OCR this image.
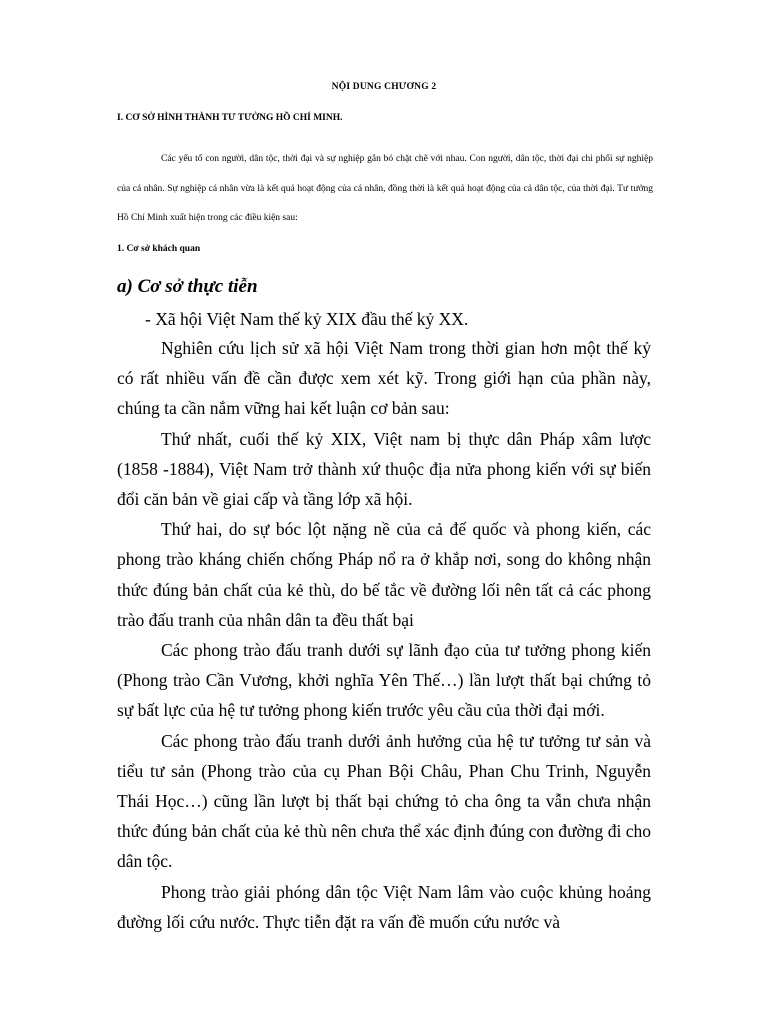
NỘI DUNG CHƯƠNG 2
I. CƠ SỞ HÌNH THÀNH TƯ TƯỞNG HỒ CHÍ MINH.

Các yếu tố con người, dân tộc, thời đại và sự nghiệp gắn bó chặt chẽ với nhau. Con người, dân tộc, thời đại chi phối sự nghiệp của cá nhân. Sự nghiệp cá nhân vừa là kết quả hoạt động của cá nhân, đồng thời là kết quả hoạt động của cả dân tộc, của thời đại. Tư tưởng Hồ Chí Minh xuất hiện trong các điều kiện sau:

1. Cơ sở khách quan
a) Cơ sở thực tiễn
- Xã hội Việt Nam thế kỷ XIX đầu thế kỷ XX.

Nghiên cứu lịch sử xã hội Việt Nam trong thời gian hơn một thế kỷ có rất nhiều vấn đề cần được xem xét kỹ. Trong giới hạn của phần này, chúng ta cần nắm vững hai kết luận cơ bản sau:

Thứ nhất, cuối thế kỷ XIX, Việt nam bị thực dân Pháp xâm lược (1858 -1884), Việt Nam trở thành xứ thuộc địa nửa phong kiến với sự biến đổi căn bản về giai cấp và tầng lớp xã hội.

Thứ hai, do sự bóc lột nặng nề của cả đế quốc và phong kiến, các phong trào kháng chiến chống Pháp nổ ra ở khắp nơi, song do không nhận thức đúng bản chất của kẻ thù, do bế tắc về đường lối nên tất cả các phong trào đấu tranh của nhân dân ta đều thất bại

Các phong trào đấu tranh dưới sự lãnh đạo của tư tưởng phong kiến (Phong trào Cần Vương, khởi nghĩa Yên Thế…) lần lượt thất bại chứng tỏ sự bất lực của hệ tư tưởng phong kiến trước yêu cầu của thời đại mới.

Các phong trào đấu tranh dưới ảnh hưởng của hệ tư tưởng tư sản và tiểu tư sản (Phong trào của cụ Phan Bội Châu, Phan Chu Trinh, Nguyễn Thái Học…) cũng lần lượt bị thất bại chứng tỏ cha ông ta vẫn chưa nhận thức đúng bản chất của kẻ thù nên chưa thể xác định đúng con đường đi cho dân tộc.

Phong trào giải phóng dân tộc Việt Nam lâm vào cuộc khủng hoảng đường lối cứu nước. Thực tiễn đặt ra vấn đề muốn cứu nước và
